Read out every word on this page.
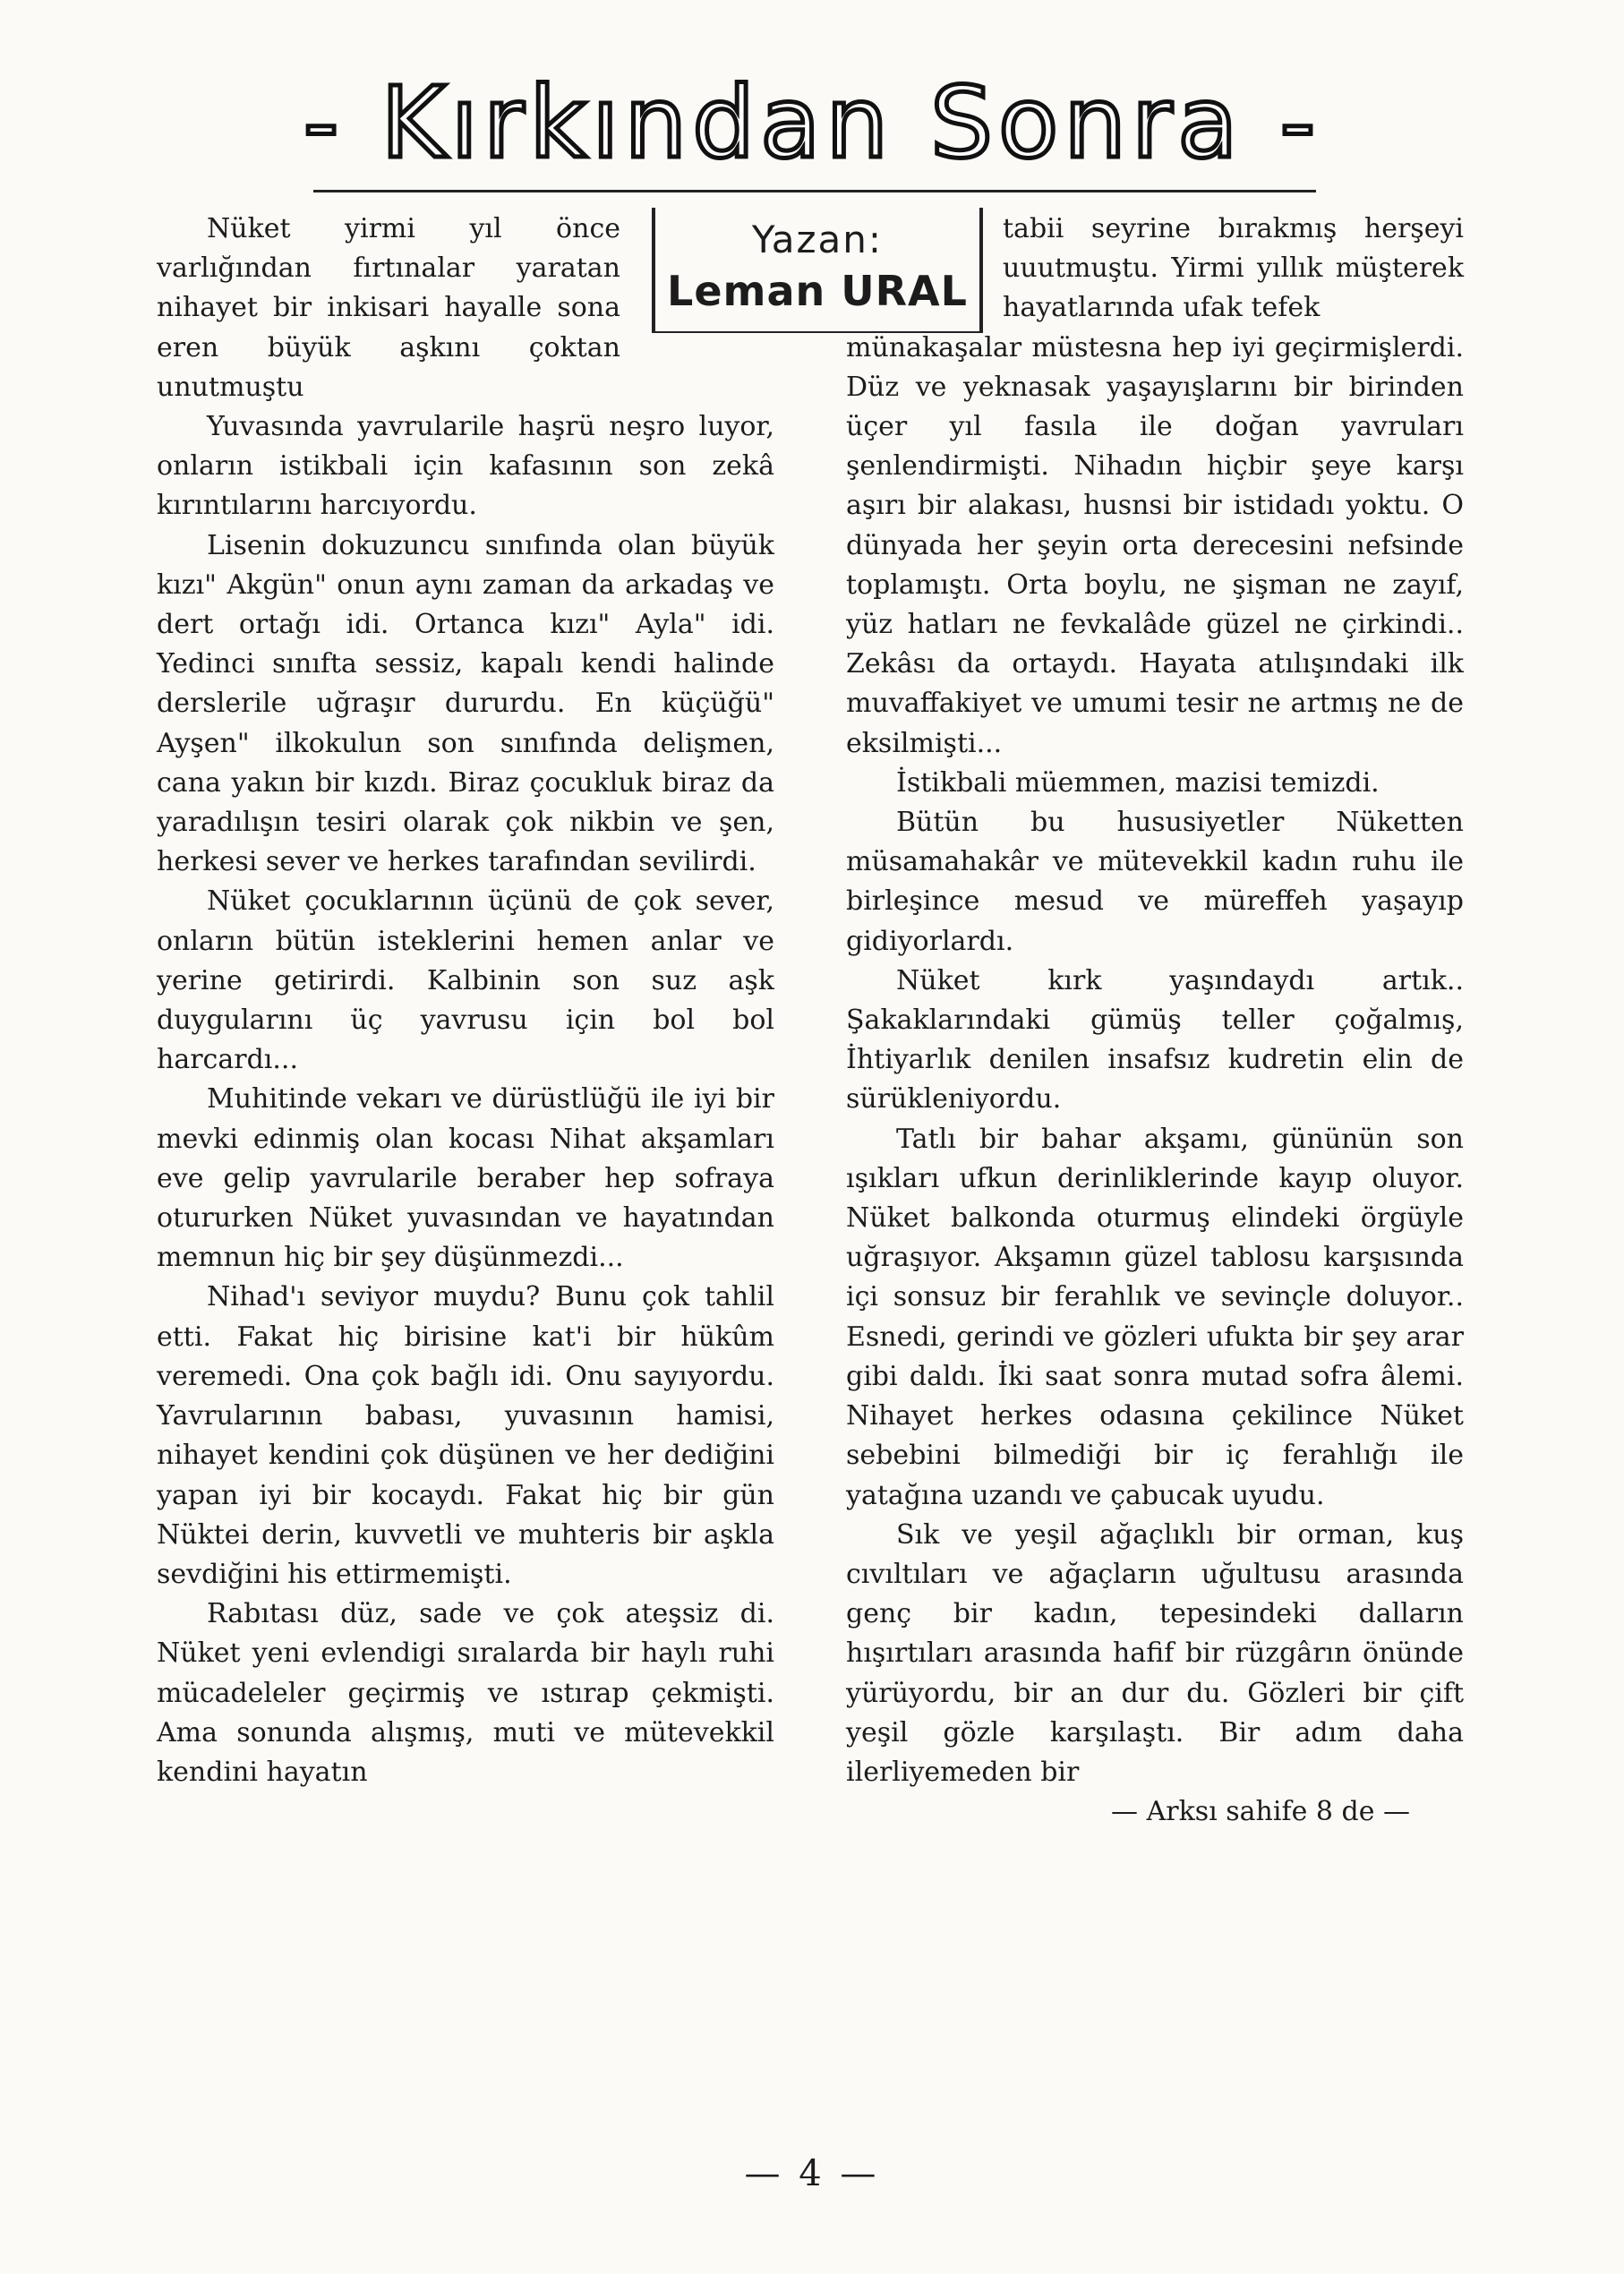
- Kırkından Sonra -
Yazan:
Leman URAL

Nüket yirmi yıl önce varlığından fırtınalar yaratan nihayet bir inkisari hayalle sona eren büyük aşkını çoktan unutmuştu

Yuvasında yavrularile haşrü neşro luyor, onların istikbali için kafasının son zekâ kırıntılarını harcıyordu.

Lisenin dokuzuncu sınıfında olan büyük kızı" Akgün" onun aynı zaman da arkadaş ve dert ortağı idi. Ortanca kızı" Ayla" idi. Yedinci sınıfta sessiz, kapalı kendi halinde derslerile uğraşır dururdu. En küçüğü" Ayşen" ilkokulun son sınıfında delişmen, cana yakın bir kızdı. Biraz çocukluk biraz da yaradılışın tesiri olarak çok nikbin ve şen, herkesi sever ve herkes tarafından sevilirdi.

Nüket çocuklarının üçünü de çok sever, onların bütün isteklerini hemen anlar ve yerine getirirdi. Kalbinin son suz aşk duygularını üç yavrusu için bol bol harcardı...

Muhitinde vekarı ve dürüstlüğü ile iyi bir mevki edinmiş olan kocası Nihat akşamları eve gelip yavrularile beraber hep sofraya otururken Nüket yuvasından ve hayatından memnun hiç bir şey düşünmezdi...

Nihad'ı seviyor muydu? Bunu çok tahlil etti. Fakat hiç birisine kat'i bir hükûm veremedi. Ona çok bağlı idi. Onu sayıyordu. Yavrularının babası, yuvasının hamisi, nihayet kendini çok düşünen ve her dediğini yapan iyi bir kocaydı. Fakat hiç bir gün Nüktei derin, kuvvetli ve muhteris bir aşkla sevdiğini his ettirmemişti.

Rabıtası düz, sade ve çok ateşsiz di. Nüket yeni evlendigi sıralarda bir haylı ruhi mücadeleler geçirmiş ve ıstırap çekmişti. Ama sonunda alışmış, muti ve mütevekkil kendini hayatın

tabii seyrine bırakmış herşeyi uuutmuştu. Yirmi yıllık müşterek hayatlarında ufak tefek

münakaşalar müstesna hep iyi geçirmişlerdi. Düz ve yeknasak yaşayışlarını bir birinden üçer yıl fasıla ile doğan yavruları şenlendirmişti. Nihadın hiçbir şeye karşı aşırı bir alakası, husnsi bir istidadı yoktu. O dünyada her şeyin orta derecesini nefsinde toplamıştı. Orta boylu, ne şişman ne zayıf, yüz hatları ne fevkalâde güzel ne çirkindi.. Zekâsı da ortaydı. Hayata atılışındaki ilk muvaffakiyet ve umumi tesir ne artmış ne de eksilmişti...

İstikbali müemmen, mazisi temizdi.

Bütün bu hususiyetler Nüketten müsamahakâr ve mütevekkil kadın ruhu ile birleşince mesud ve müreffeh yaşayıp gidiyorlardı.

Nüket kırk yaşındaydı artık.. Şakaklarındaki gümüş teller çoğalmış, İhtiyarlık denilen insafsız kudretin elin de sürükleniyordu.

Tatlı bir bahar akşamı, gününün son ışıkları ufkun derinliklerinde kayıp oluyor. Nüket balkonda oturmuş elindeki örgüyle uğraşıyor. Akşamın güzel tablosu karşısında içi sonsuz bir ferahlık ve sevinçle doluyor.. Esnedi, gerindi ve gözleri ufukta bir şey arar gibi daldı. İki saat sonra mutad sofra âlemi. Nihayet herkes odasına çekilince Nüket sebebini bilmediği bir iç ferahlığı ile yatağına uzandı ve çabucak uyudu.

Sık ve yeşil ağaçlıklı bir orman, kuş cıvıltıları ve ağaçların uğultusu arasında genç bir kadın, tepesindeki dalların hışırtıları arasında hafif bir rüzgârın önünde yürüyordu, bir an dur du. Gözleri bir çift yeşil gözle karşılaştı. Bir adım daha ilerliyemeden bir

— Arksı sahife 8 de —

— 4 —
